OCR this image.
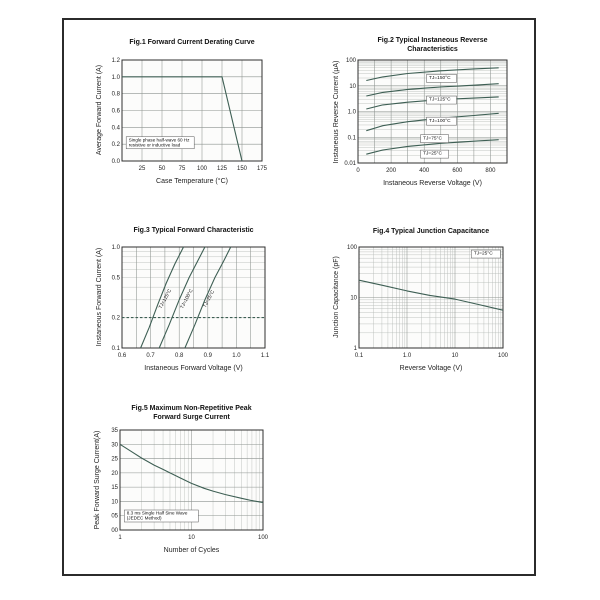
Fig.1 Forward Current Derating Curve
Average Forward Current (A)
25 50 75 100 125 150 175
0.0
0.2
0.4
0.6
0.8
1.0
1.2
Single phase half-wave 60 Hz
resistive or inductive load
Case Temperature (°C)
Fig.2 Typical Instaneous Reverse
Characteristics
Instaneous Reverse Current (μA)
0	200	400	600	800
0.01
0.1
1.0
10
100
TJ=150°C
TJ=125°C
TJ=100°C
TJ=75°C
TJ=25°C
Instaneous Reverse Voltage (V)
Fig.3 Typical Forward Characteristic
Instaneous Forward Current (A)
0.6	0.7	0.8	0.9	1.0	1.1
0.1
0.2
0.5
1.0
TJ=125°C TJ=100°C TJ=25°C
Instaneous Forward Voltage (V)
Fig.4 Typical Junction Capacitance
Junction Capacitance (pF)
0.1	1.0	10	100
1
10
100
TJ=25°C
Reverse Voltage (V)
Fig.5 Maximum Non-Repetitive Peak
Forward Surge Current
Peak Forward Surge Current(A)
1	10	100
00
05
10
15
20
25
30
35
8.3 ms Single Half Sine Wave
(JEDEC Method)
Number of Cycles
